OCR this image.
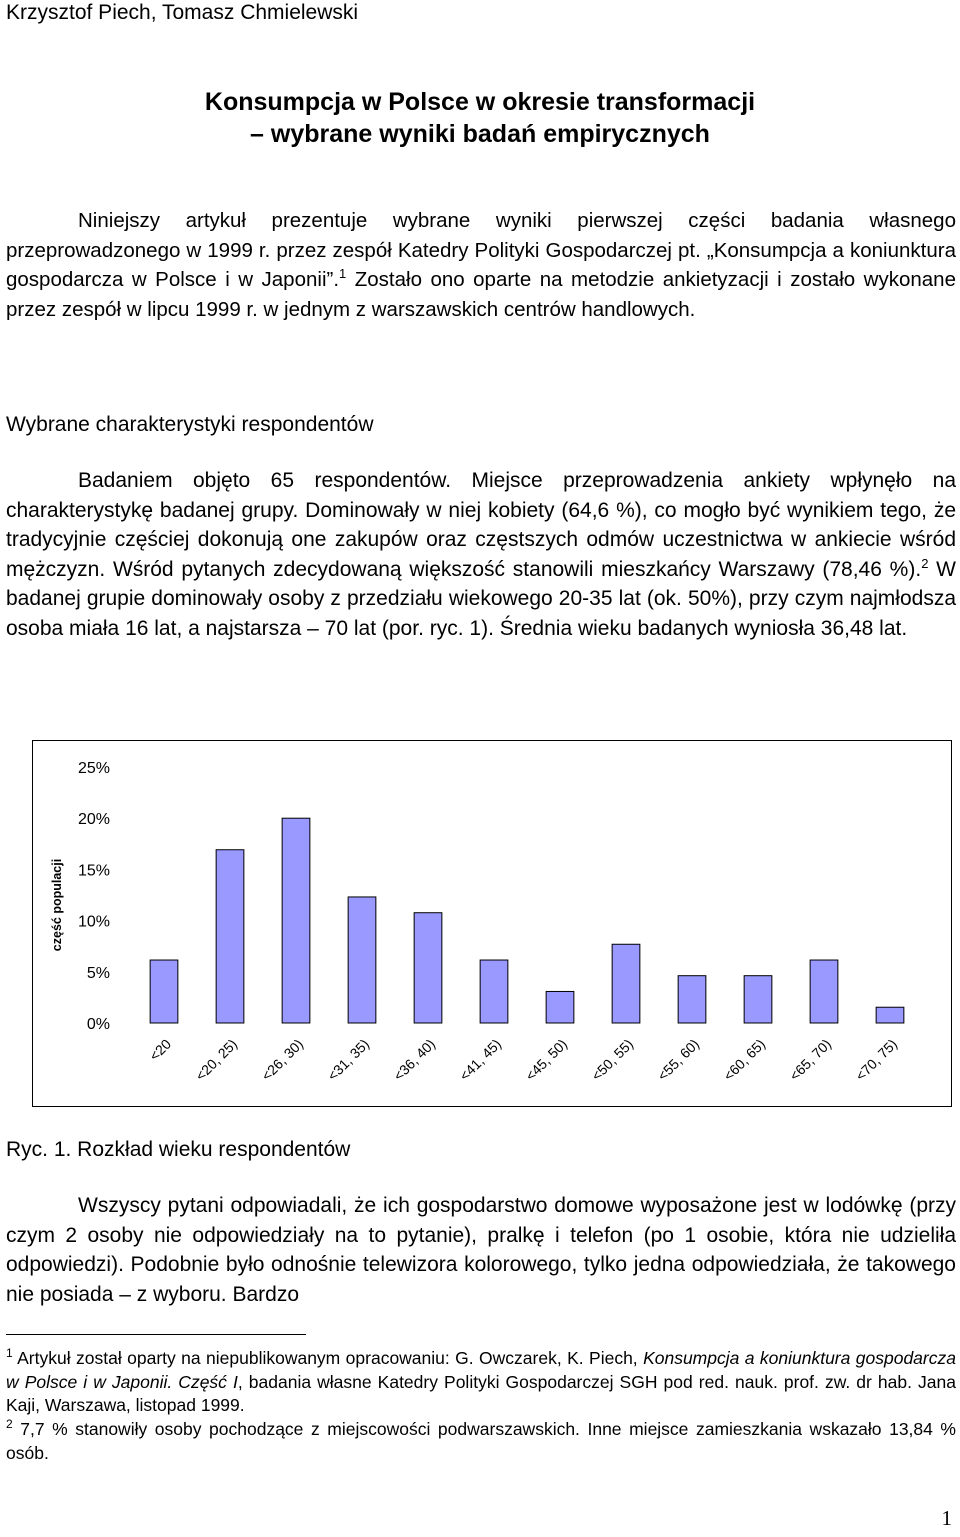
Krzysztof Piech, Tomasz Chmielewski
Konsumpcja w Polsce w okresie transformacji
– wybrane wyniki badań empirycznych

Niniejszy artykuł prezentuje wybrane wyniki pierwszej części badania własnego przeprowadzonego w 1999 r. przez zespół Katedry Polityki Gospodarczej pt. „Konsumpcja a koniunktura gospodarcza w Polsce i w Japonii”.$^1$ Zostało ono oparte na metodzie ankietyzacji i zostało wykonane przez zespół w lipcu 1999 r. w jednym z warszawskich centrów handlowych.

Wybrane charakterystyki respondentów

Badaniem objęto 65 respondentów. Miejsce przeprowadzenia ankiety wpłynęło na charakterystykę badanej grupy. Dominowały w niej kobiety (64,6 %), co mogło być wynikiem tego, że tradycyjnie częściej dokonują one zakupów oraz częstszych odmów uczestnictwa w ankiecie wśród mężczyzn. Wśród pytanych zdecydowaną większość stanowili mieszkańcy Warszawy (78,46 %).$^2$ W badanej grupie dominowały osoby z przedziału wiekowego 20-35 lat (ok. 50%), przy czym najmłodsza osoba miała 16 lat, a najstarsza – 70 lat (por. ryc. 1). Średnia wieku badanych wyniosła 36,48 lat.

0%
5%
10%
15%
20%
25%
część populacji
<20 <20, 25) <26, 30) <31, 35) <36, 40) <41, 45) <45, 50) <50, 55) <55, 60) <60, 65) <65, 70) <70, 75)
Ryc. 1. Rozkład wieku respondentów

Wszyscy pytani odpowiadali, że ich gospodarstwo domowe wyposażone jest w lodówkę (przy czym 2 osoby nie odpowiedziały na to pytanie), pralkę i telefon (po 1 osobie, która nie udzieliła odpowiedzi). Podobnie było odnośnie telewizora kolorowego, tylko jedna odpowiedziała, że takowego nie posiada – z wyboru. Bardzo

$^1$ Artykuł został oparty na niepublikowanym opracowaniu: G. Owczarek, K. Piech, Konsumpcja a koniunktura gospodarcza w Polsce i w Japonii. Część I, badania własne Katedry Polityki Gospodarczej SGH pod red. nauk. prof. zw. dr hab. Jana Kaji, Warszawa, listopad 1999.

$^2$ 7,7 % stanowiły osoby pochodzące z miejscowości podwarszawskich. Inne miejsce zamieszkania wskazało 13,84 % osób.

1
